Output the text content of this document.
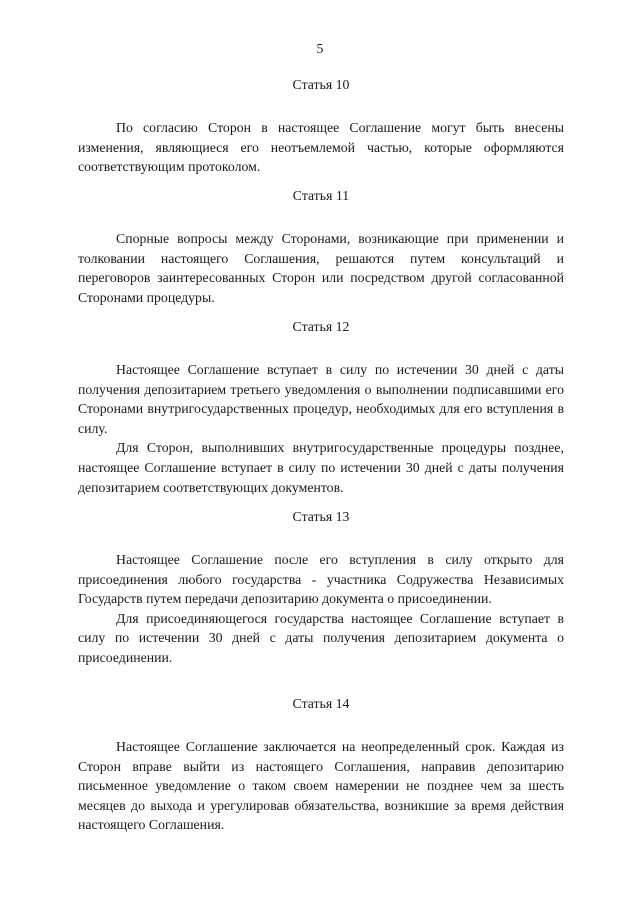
5
Статья 10

По согласию Сторон в настоящее Соглашение могут быть внесены изменения, являющиеся его неотъемлемой частью, которые оформляются соответствующим протоколом.

Статья 11

Спорные вопросы между Сторонами, возникающие при применении и толковании настоящего Соглашения, решаются путем консультаций и переговоров заинтересованных Сторон или посредством другой согласованной Сторонами процедуры.

Статья 12

Настоящее Соглашение вступает в силу по истечении 30 дней с даты получения депозитарием третьего уведомления о выполнении подписавшими его Сторонами внутригосударственных процедур, необходимых для его вступления в силу.

Для Сторон, выполнивших внутригосударственные процедуры позднее, настоящее Соглашение вступает в силу по истечении 30 дней с даты получения депозитарием соответствующих документов.

Статья 13

Настоящее Соглашение после его вступления в силу открыто для присоединения любого государства - участника Содружества Независимых Государств путем передачи депозитарию документа о присоединении.

Для присоединяющегося государства настоящее Соглашение вступает в силу по истечении 30 дней с даты получения депозитарием документа о присоединении.

Статья 14

Настоящее Соглашение заключается на неопределенный срок. Каждая из Сторон вправе выйти из настоящего Соглашения, направив депозитарию письменное уведомление о таком своем намерении не позднее чем за шесть месяцев до выхода и урегулировав обязательства, возникшие за время действия настоящего Соглашения.
